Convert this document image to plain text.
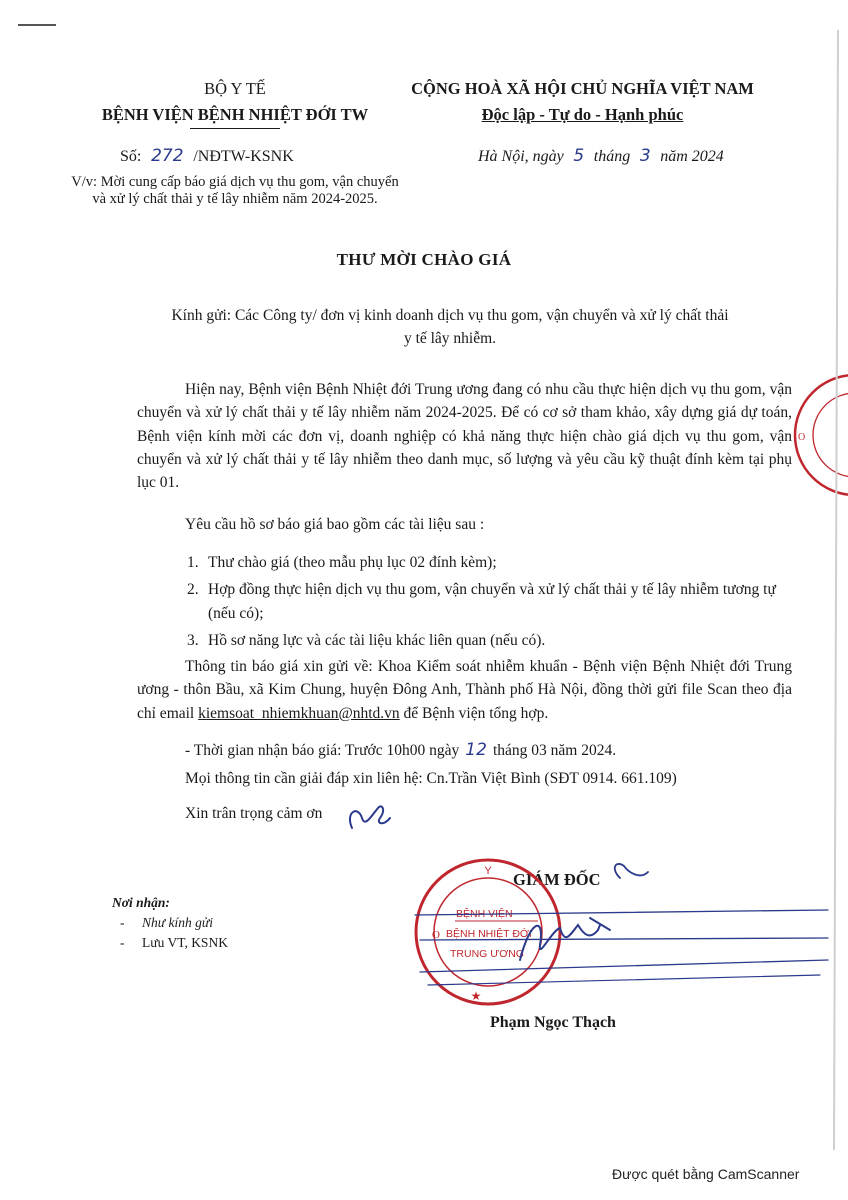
BỘ Y TẾ
BỆNH VIỆN BỆNH NHIỆT ĐỚI TW
CỘNG HOÀ XÃ HỘI CHỦ NGHĨA VIỆT NAM
Độc lập - Tự do - Hạnh phúc
Số: 272 /NĐTW-KSNK	Hà Nội, ngày 5 tháng 3 năm 2024
V/v: Mời cung cấp báo giá dịch vụ thu gom, vận chuyển và xử lý chất thải y tế lây nhiễm năm 2024-2025.
THƯ MỜI CHÀO GIÁ
Kính gửi: Các Công ty/ đơn vị kinh doanh dịch vụ thu gom, vận chuyển và xử lý chất thải y tế lây nhiễm.
Hiện nay, Bệnh viện Bệnh Nhiệt đới Trung ương đang có nhu cầu thực hiện dịch vụ thu gom, vận chuyển và xử lý chất thải y tế lây nhiễm năm 2024-2025. Để có cơ sở tham khảo, xây dựng giá dự toán, Bệnh viện kính mời các đơn vị, doanh nghiệp có khả năng thực hiện chào giá dịch vụ thu gom, vận chuyển và xử lý chất thải y tế lây nhiễm theo danh mục, số lượng và yêu cầu kỹ thuật đính kèm tại phụ lục 01.
Yêu cầu hồ sơ báo giá bao gồm các tài liệu sau :
1. Thư chào giá (theo mẫu phụ lục 02 đính kèm);
2. Hợp đồng thực hiện dịch vụ thu gom, vận chuyển và xử lý chất thải y tế lây nhiễm tương tự (nếu có);
3. Hồ sơ năng lực và các tài liệu khác liên quan (nếu có).
Thông tin báo giá xin gửi về: Khoa Kiểm soát nhiễm khuẩn - Bệnh viện Bệnh Nhiệt đới Trung ương - thôn Bầu, xã Kim Chung, huyện Đông Anh, Thành phố Hà Nội, đồng thời gửi file Scan theo địa chỉ email kiemsoat_nhiemkhuan@nhtd.vn để Bệnh viện tổng hợp.
- Thời gian nhận báo giá: Trước 10h00 ngày 12 tháng 03 năm 2024.
Mọi thông tin cần giải đáp xin liên hệ: Cn.Trần Việt Bình (SĐT 0914. 661.109)
Xin trân trọng cảm ơn
Nơi nhận:
- Như kính gửi
- Lưu VT, KSNK
GIÁM ĐỐC
Phạm Ngọc Thạch
Được quét bằng CamScanner
Y
★
O
BỆNH VIỆN
BỆNH NHIỆT ĐỚI
TRUNG ƯƠNG
O
